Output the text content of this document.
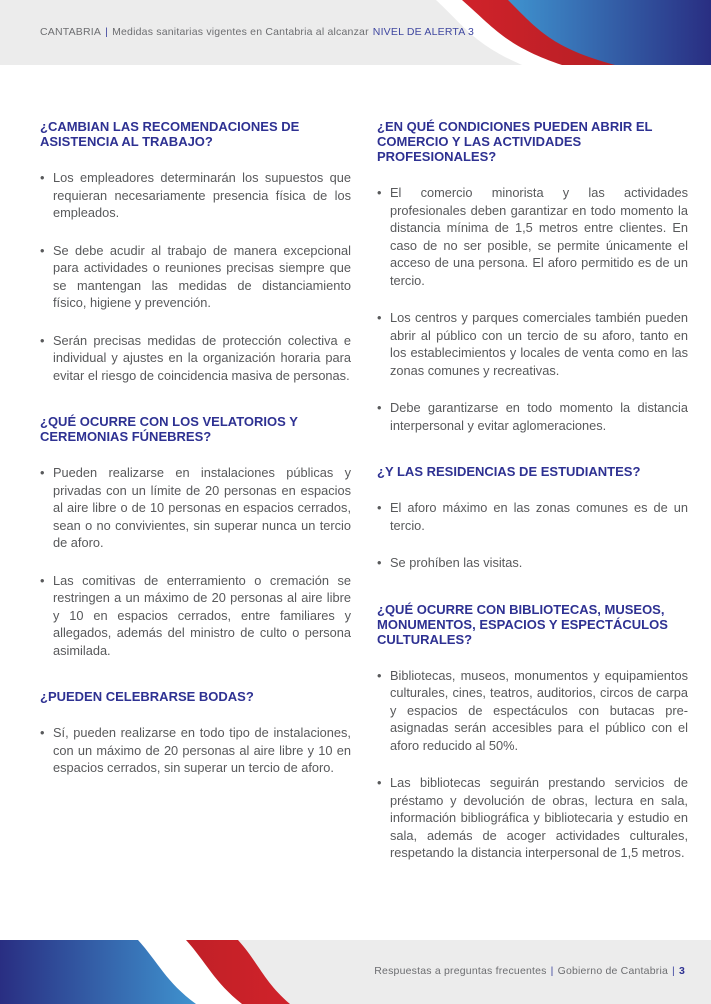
CANTABRIA | Medidas sanitarias vigentes en Cantabria al alcanzar NIVEL DE ALERTA 3
¿CAMBIAN LAS RECOMENDACIONES DE ASISTENCIA AL TRABAJO?
• Los empleadores determinarán los supuestos que requieran necesariamente presencia física de los empleados.
• Se debe acudir al trabajo de manera excepcional para actividades o reuniones precisas siempre que se mantengan las medidas de distanciamiento físico, higiene y prevención.
• Serán precisas medidas de protección colectiva e individual y ajustes en la organización horaria para evitar el riesgo de coincidencia masiva de personas.
¿QUÉ OCURRE CON LOS VELATORIOS Y CEREMONIAS FÚNEBRES?
• Pueden realizarse en instalaciones públicas y privadas con un límite de 20 personas en espacios al aire libre o de 10 personas en espacios cerrados, sean o no convivientes, sin superar nunca un tercio de aforo.
• Las comitivas de enterramiento o cremación se restringen a un máximo de 20 personas al aire libre y 10 en espacios cerrados, entre familiares y allegados, además del ministro de culto o persona asimilada.
¿PUEDEN CELEBRARSE BODAS?
• Sí, pueden realizarse en todo tipo de instalaciones, con un máximo de 20 personas al aire libre y 10 en espacios cerrados, sin superar un tercio de aforo.
¿EN QUÉ CONDICIONES PUEDEN ABRIR EL COMERCIO Y LAS ACTIVIDADES PROFESIONALES?
• El comercio minorista y las actividades profesionales deben garantizar en todo momento la distancia mínima de 1,5 metros entre clientes. En caso de no ser posible, se permite únicamente el acceso de una persona. El aforo permitido es de un tercio.
• Los centros y parques comerciales también pueden abrir al público con un tercio de su aforo, tanto en los establecimientos y locales de venta como en las zonas comunes y recreativas.
• Debe garantizarse en todo momento la distancia interpersonal y evitar aglomeraciones.
¿Y LAS RESIDENCIAS DE ESTUDIANTES?
• El aforo máximo en las zonas comunes es de un tercio.
• Se prohíben las visitas.
¿QUÉ OCURRE CON BIBLIOTECAS, MUSEOS, MONUMENTOS, ESPACIOS Y ESPECTÁCULOS CULTURALES?
• Bibliotecas, museos, monumentos y equipamientos culturales, cines, teatros, auditorios, circos de carpa y espacios de espectáculos con butacas pre-asignadas serán accesibles para el público con el aforo reducido al 50%.
• Las bibliotecas seguirán prestando servicios de préstamo y devolución de obras, lectura en sala, información bibliográfica y bibliotecaria y estudio en sala, además de acoger actividades culturales, respetando la distancia interpersonal de 1,5 metros.
Respuestas a preguntas frecuentes | Gobierno de Cantabria | 3
